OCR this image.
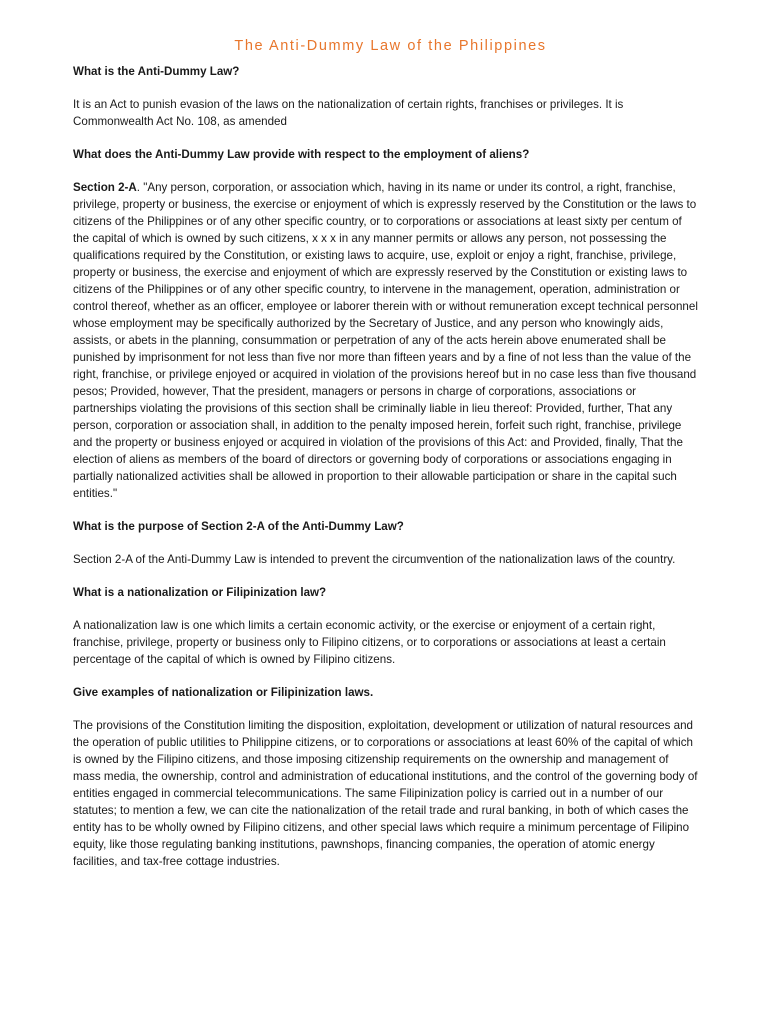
The Anti-Dummy Law of the Philippines

What is the Anti-Dummy Law?

It is an Act to punish evasion of the laws on the nationalization of certain rights, franchises or privileges. It is Commonwealth Act No. 108, as amended

What does the Anti-Dummy Law provide with respect to the employment of aliens?

Section 2-A. "Any person, corporation, or association which, having in its name or under its control, a right, franchise, privilege, property or business, the exercise or enjoyment of which is expressly reserved by the Constitution or the laws to citizens of the Philippines or of any other specific country, or to corporations or associations at least sixty per centum of the capital of which is owned by such citizens, x x x in any manner permits or allows any person, not possessing the qualifications required by the Constitution, or existing laws to acquire, use, exploit or enjoy a right, franchise, privilege, property or business, the exercise and enjoyment of which are expressly reserved by the Constitution or existing laws to citizens of the Philippines or of any other specific country, to intervene in the management, operation, administration or control thereof, whether as an officer, employee or laborer therein with or without remuneration except technical personnel whose employment may be specifically authorized by the Secretary of Justice, and any person who knowingly aids, assists, or abets in the planning, consummation or perpetration of any of the acts herein above enumerated shall be punished by imprisonment for not less than five nor more than fifteen years and by a fine of not less than the value of the right, franchise, or privilege enjoyed or acquired in violation of the provisions hereof but in no case less than five thousand pesos; Provided, however, That the president, managers or persons in charge of corporations, associations or partnerships violating the provisions of this section shall be criminally liable in lieu thereof: Provided, further, That any person, corporation or association shall, in addition to the penalty imposed herein, forfeit such right, franchise, privilege and the property or business enjoyed or acquired in violation of the provisions of this Act: and Provided, finally, That the election of aliens as members of the board of directors or governing body of corporations or associations engaging in partially nationalized activities shall be allowed in proportion to their allowable participation or share in the capital such entities."

What is the purpose of Section 2-A of the Anti-Dummy Law?

Section 2-A of the Anti-Dummy Law is intended to prevent the circumvention of the nationalization laws of the country.

What is a nationalization or Filipinization law?

A nationalization law is one which limits a certain economic activity, or the exercise or enjoyment of a certain right, franchise, privilege, property or business only to Filipino citizens, or to corporations or associations at least a certain percentage of the capital of which is owned by Filipino citizens.

Give examples of nationalization or Filipinization laws.

The provisions of the Constitution limiting the disposition, exploitation, development or utilization of natural resources and the operation of public utilities to Philippine citizens, or to corporations or associations at least 60% of the capital of which is owned by the Filipino citizens, and those imposing citizenship requirements on the ownership and management of mass media, the ownership, control and administration of educational institutions, and the control of the governing body of entities engaged in commercial telecommunications. The same Filipinization policy is carried out in a number of our statutes; to mention a few, we can cite the nationalization of the retail trade and rural banking, in both of which cases the entity has to be wholly owned by Filipino citizens, and other special laws which require a minimum percentage of Filipino equity, like those regulating banking institutions, pawnshops, financing companies, the operation of atomic energy facilities, and tax-free cottage industries.
